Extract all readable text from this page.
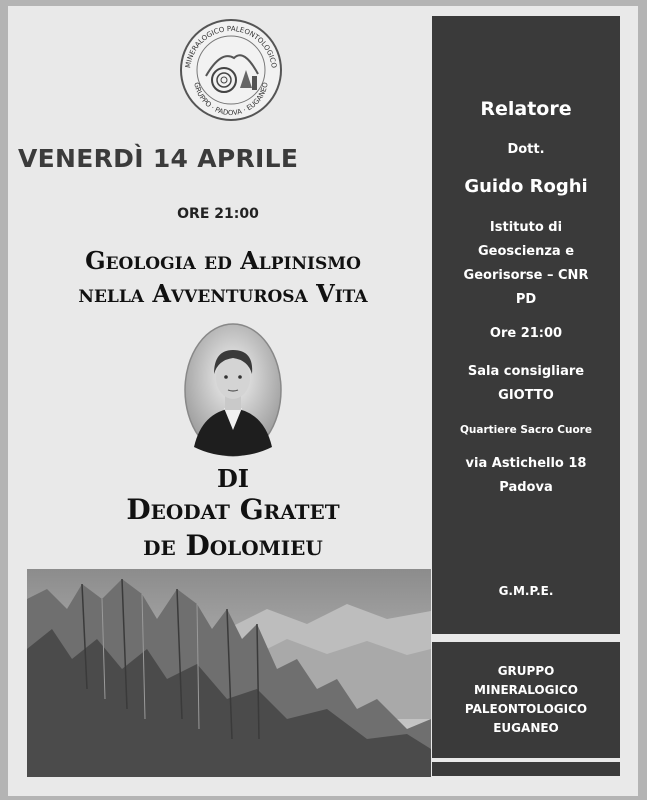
MINERALOGICO PALEONTOLOGICO
GRUPPO · PADOVA · EUGANEO
VENERDÌ 14 APRILE
ORE 21:00
Geologia ed Alpinismo
nella Avventurosa Vita
DI
Deodat Gratet
de Dolomieu
Relatore
Dott.
Guido Roghi
Istituto di
Geoscienza e
Georisorse – CNR
PD
Ore 21:00
Sala consigliare
GIOTTO
Quartiere Sacro Cuore
via Astichello 18
Padova
G.M.P.E.
GRUPPO
MINERALOGICO
PALEONTOLOGICO
EUGANEO
